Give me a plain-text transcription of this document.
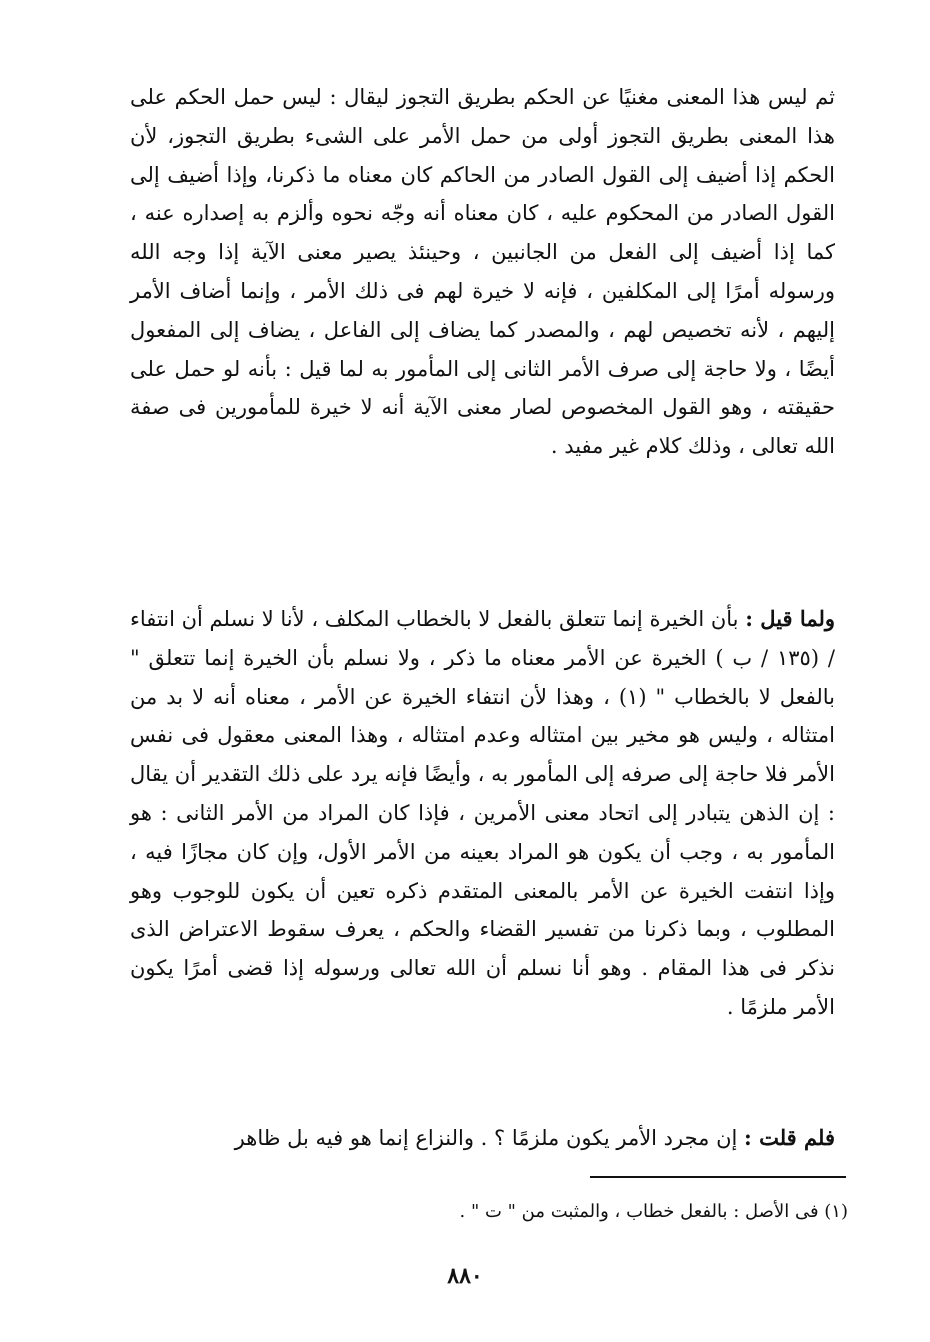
ثم ليس هذا المعنى مغنيًا عن الحكم بطريق التجوز ليقال : ليس حمل الحكم على هذا المعنى بطريق التجوز أولى من حمل الأمر على الشىء بطريق التجوز، لأن الحكم إذا أضيف إلى القول الصادر من الحاكم كان معناه ما ذكرنا، وإذا أضيف إلى القول الصادر من المحكوم عليه ، كان معناه أنه وجّه نحوه وألزم به إصداره عنه ، كما إذا أضيف إلى الفعل من الجانبين ، وحينئذ يصير معنى الآية إذا وجه الله ورسوله أمرًا إلى المكلفين ، فإنه لا خيرة لهم فى ذلك الأمر ، وإنما أضاف الأمر إليهم ، لأنه تخصيص لهم ، والمصدر كما يضاف إلى الفاعل ، يضاف إلى المفعول أيضًا ، ولا حاجة إلى صرف الأمر الثانى إلى المأمور به لما قيل : بأنه لو حمل على حقيقته ، وهو القول المخصوص لصار معنى الآية أنه لا خيرة للمأمورين فى صفة الله تعالى ، وذلك كلام غير مفيد .

ولما قيل : بأن الخيرة إنما تتعلق بالفعل لا بالخطاب المكلف ، لأنا لا نسلم أن انتفاء / (١٣٥ / ب ) الخيرة عن الأمر معناه ما ذكر ، ولا نسلم بأن الخيرة إنما تتعلق " بالفعل لا بالخطاب " (١) ، وهذا لأن انتفاء الخيرة عن الأمر ، معناه أنه لا بد من امتثاله ، وليس هو مخير بين امتثاله وعدم امتثاله ، وهذا المعنى معقول فى نفس الأمر فلا حاجة إلى صرفه إلى المأمور به ، وأيضًا فإنه يرد على ذلك التقدير أن يقال : إن الذهن يتبادر إلى اتحاد معنى الأمرين ، فإذا كان المراد من الأمر الثانى : هو المأمور به ، وجب أن يكون هو المراد بعينه من الأمر الأول، وإن كان مجازًا فيه ، وإذا انتفت الخيرة عن الأمر بالمعنى المتقدم ذكره تعين أن يكون للوجوب وهو المطلوب ، وبما ذكرنا من تفسير القضاء والحكم ، يعرف سقوط الاعتراض الذى نذكر فى هذا المقام . وهو أنا نسلم أن الله تعالى ورسوله إذا قضى أمرًا يكون الأمر ملزمًا .

فلم قلت : إن مجرد الأمر يكون ملزمًا ؟ . والنزاع إنما هو فيه بل ظاهر

(١) فى الأصل : بالفعل خطاب ، والمثبت من " ت " .

٨٨٠
